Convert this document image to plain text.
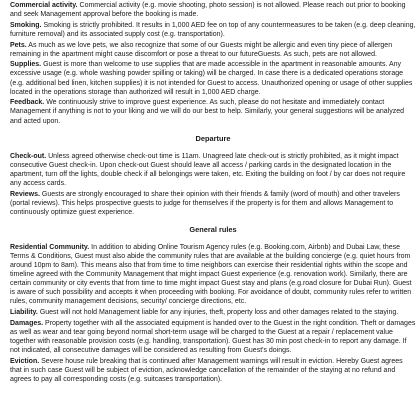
Commercial activity. Commercial activity (e.g. movie shooting, photo session) is not allowed. Please reach out prior to booking and seek Management approval before the booking is made.

Smoking. Smoking is strictly prohibited. It results in 1,000 AED fee on top of any countermeasures to be taken (e.g. deep cleaning, furniture removal) and its associated supply cost (e.g. transportation).

Pets. As much as we love pets, we also recognize that some of our Guests might be allergic and even tiny piece of allergen remaining in the apartment might cause discomfort or pose a threat to our futureGuests. As such, pets are not allowed.

Supplies. Guest is more than welcome to use supplies that are made accessible in the apartment in reasonable amounts. Any excessive usage (e.g. whole washing powder spilling or taking) will be charged. In case there is a dedicated operations storage (e.g. additional bed linen, kitchen supplies) it is not intended for Guest to access. Unauthorized opening or usage of other supplies located in the operations storage than authorized will result in 1,000 AED charge.

Feedback. We continuously strive to improve guest experience. As such, please do not hesitate and immediately contact Management if anything is not to your liking and we will do our best to help. Similarly, your general suggestions will be analyzed and acted upon.

Departure

Check-out. Unless agreed otherwise check-out time is 11am. Unagreed late check-out is strictly prohibited, as it might impact consecutive Guest check-in. Upon check-out Guest should leave all access / parking cards in the designated location in the apartment, turn off the lights, double check if all belongings were taken, etc. Exiting the building on foot / by car does not require any access cards.

Reviews. Guests are strongly encouraged to share their opinion with their friends & family (word of mouth) and other travelers (portal reviews). This helps prospective guests to judge for themselves if the property is for them and allows Management to continuously optimize guest experience.

General rules

Residential Community. In addition to abiding Online Tourism Agency rules (e.g. Booking.com, Airbnb) and Dubai Law, these Terms & Conditions, Guest must also abide the community rules that are available at the building concierge (e.g. quiet hours from around 10pm to 8am). This means also that from time to time neighbors can exercise their residential rights within the scope and timeline agreed with the Community Management that might impact Guest experience (e.g. renovation work). Similarly, there are certain community or city events that from time to time might impact Guest stay and plans (e.g.road closure for Dubai Run). Guest is aware of such possibility and accepts it when proceeding with booking. For avoidance of doubt, community rules refer to written rules, community management decisions, security/ concierge directions, etc.

Liability. Guest will not hold Management liable for any injuries, theft, property loss and other damages related to the staying.

Damages. Property together with all the associated equipment is handed over to the Guest in the right condition. Theft or damages as well as wear and tear going beyond normal short-term usage will be charged to the Guest at a repair / replacement value together with reasonable provision costs (e.g. handling, transportation). Guest has 30 min post check-in to report any damage. If not indicated, all consecutive damages will be considered as resulting from Guest's doings.

Eviction. Severe house rule breaking that is continued after Management warnings will result in eviction. Hereby Guest agrees that in such case Guest will be subject of eviction, acknowledge cancellation of the remainder of the staying at no refund and agrees to pay all corresponding costs (e.g. suitcases transportation).
